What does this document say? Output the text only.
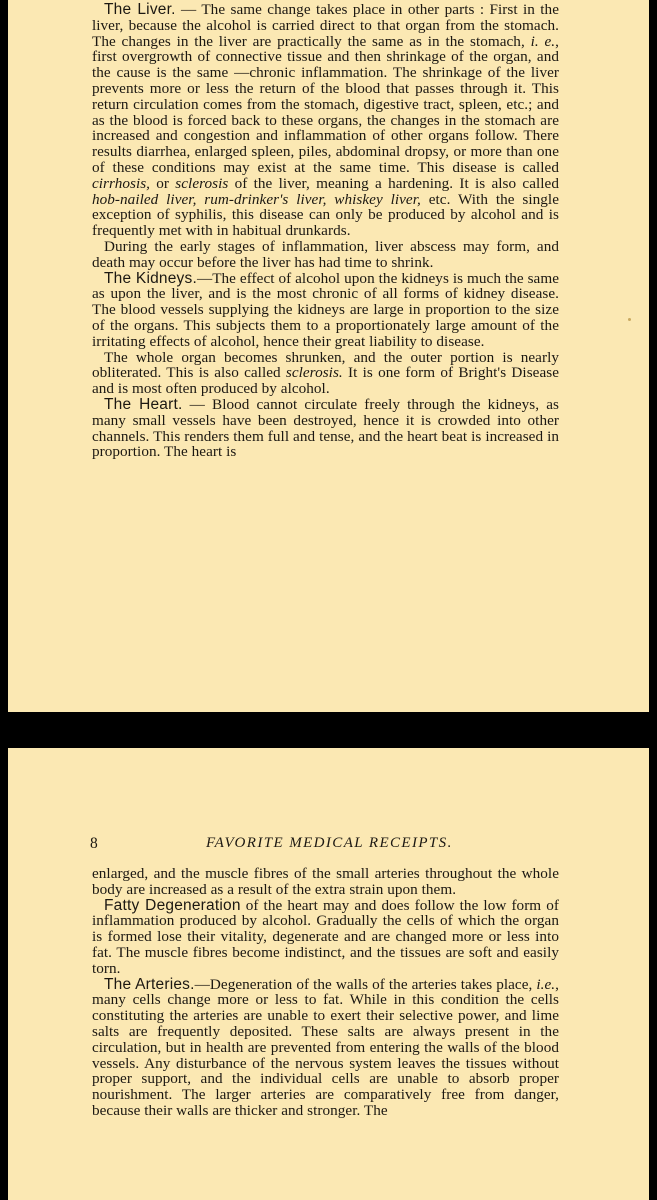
The Liver. — The same change takes place in other parts : First in the liver, because the alcohol is carried direct to that organ from the stomach. The changes in the liver are practically the same as in the stomach, i. e., first overgrowth of connective tissue and then shrinkage of the organ, and the cause is the same —chronic inflammation. The shrinkage of the liver prevents more or less the return of the blood that passes through it. This return circulation comes from the stomach, digestive tract, spleen, etc.; and as the blood is forced back to these organs, the changes in the stomach are increased and congestion and inflammation of other organs follow. There results diarrhea, enlarged spleen, piles, abdominal dropsy, or more than one of these conditions may exist at the same time. This disease is called cirrhosis, or sclerosis of the liver, meaning a hardening. It is also called hob-nailed liver, rum-drinker's liver, whiskey liver, etc. With the single exception of syphilis, this disease can only be produced by alcohol and is frequently met with in habitual drunkards.

During the early stages of inflammation, liver abscess may form, and death may occur before the liver has had time to shrink.

The Kidneys.—The effect of alcohol upon the kidneys is much the same as upon the liver, and is the most chronic of all forms of kidney disease. The blood vessels supplying the kidneys are large in proportion to the size of the organs. This subjects them to a proportionately large amount of the irritating effects of alcohol, hence their great liability to disease.

The whole organ becomes shrunken, and the outer portion is nearly obliterated. This is also called sclerosis. It is one form of Bright's Disease and is most often produced by alcohol.

The Heart. — Blood cannot circulate freely through the kidneys, as many small vessels have been destroyed, hence it is crowded into other channels. This renders them full and tense, and the heart beat is increased in proportion. The heart is

enlarged, and the muscle fibres of the small arteries throughout the whole body are increased as a result of the extra strain upon them.

Fatty Degeneration of the heart may and does follow the low form of inflammation produced by alcohol. Gradually the cells of which the organ is formed lose their vitality, degenerate and are changed more or less into fat. The muscle fibres become indistinct, and the tissues are soft and easily torn.

The Arteries.—Degeneration of the walls of the arteries takes place, i.e., many cells change more or less to fat. While in this condition the cells constituting the arteries are unable to exert their selective power, and lime salts are frequently deposited. These salts are always present in the circulation, but in health are prevented from entering the walls of the blood vessels. Any disturbance of the nervous system leaves the tissues without proper support, and the individual cells are unable to absorb proper nourishment. The larger arteries are comparatively free from danger, because their walls are thicker and stronger. The

8	FAVORITE MEDICAL RECEIPTS.
